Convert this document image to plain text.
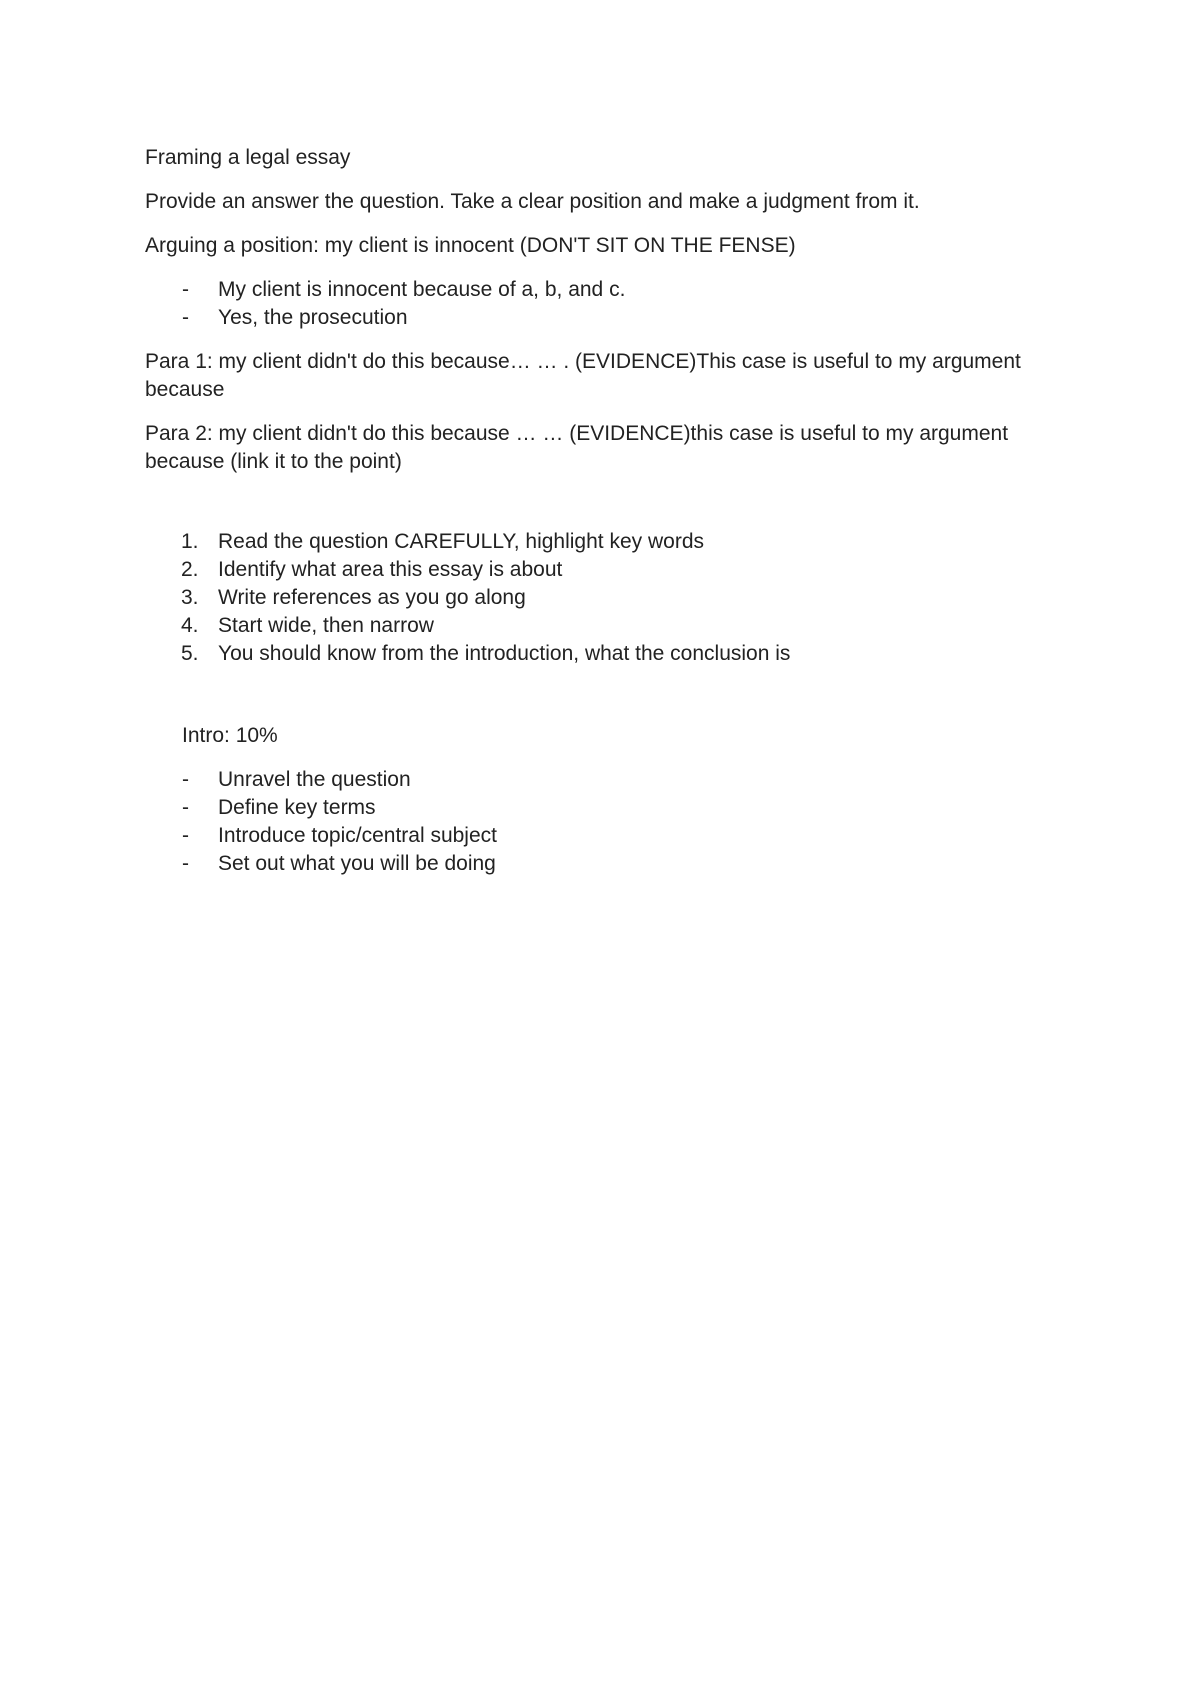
Framing a legal essay

Provide an answer the question. Take a clear position and make a judgment from it.

Arguing a position: my client is innocent (DON'T SIT ON THE FENSE)

- My client is innocent because of a, b, and c.
- Yes, the prosecution

Para 1: my client didn't do this because… … . (EVIDENCE)This case is useful to my argument because

Para 2: my client didn't do this because … … (EVIDENCE)this case is useful to my argument because (link it to the point)

1. Read the question CAREFULLY, highlight key words
2. Identify what area this essay is about
3. Write references as you go along
4. Start wide, then narrow
5. You should know from the introduction, what the conclusion is

Intro: 10%

- Unravel the question
- Define key terms
- Introduce topic/central subject
- Set out what you will be doing
